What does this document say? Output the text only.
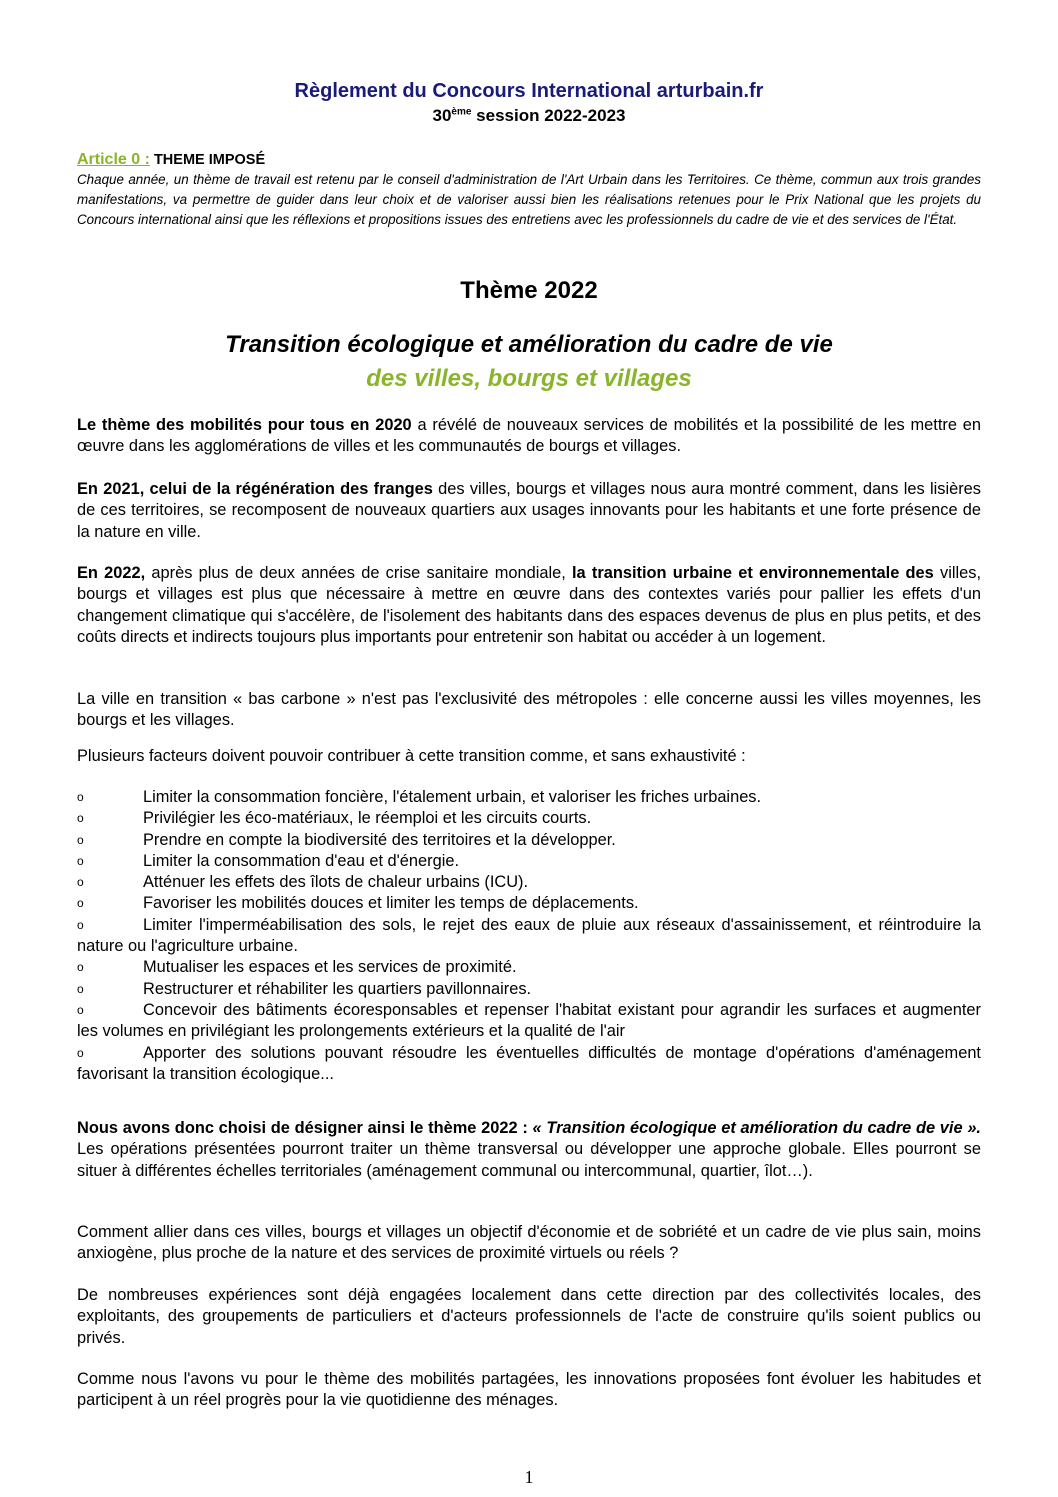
Règlement du Concours International arturbain.fr
30ème session 2022-2023
Article 0 : THEME IMPOSÉ
Chaque année, un thème de travail est retenu par le conseil d'administration de l'Art Urbain dans les Territoires. Ce thème, commun aux trois grandes manifestations, va permettre de guider dans leur choix et de valoriser aussi bien les réalisations retenues pour le Prix National que les projets du Concours international ainsi que les réflexions et propositions issues des entretiens avec les professionnels du cadre de vie et des services de l'État.
Thème 2022
Transition écologique et amélioration du cadre de vie
des villes, bourgs et villages
Le thème des mobilités pour tous en 2020 a révélé de nouveaux services de mobilités et la possibilité de les mettre en œuvre dans les agglomérations de villes et les communautés de bourgs et villages.
En 2021, celui de la régénération des franges des villes, bourgs et villages nous aura montré comment, dans les lisières de ces territoires, se recomposent de nouveaux quartiers aux usages innovants pour les habitants et une forte présence de la nature en ville.
En 2022, après plus de deux années de crise sanitaire mondiale, la transition urbaine et environnementale des villes, bourgs et villages est plus que nécessaire à mettre en œuvre dans des contextes variés pour pallier les effets d'un changement climatique qui s'accélère, de l'isolement des habitants dans des espaces devenus de plus en plus petits, et des coûts directs et indirects toujours plus importants pour entretenir son habitat ou accéder à un logement.
La ville en transition « bas carbone » n'est pas l'exclusivité des métropoles : elle concerne aussi les villes moyennes, les bourgs et les villages.
Plusieurs facteurs doivent pouvoir contribuer à cette transition comme, et sans exhaustivité :
o	Limiter la consommation foncière, l'étalement urbain, et valoriser les friches urbaines.
o	Privilégier les éco-matériaux, le réemploi et les circuits courts.
o	Prendre en compte la biodiversité des territoires et la développer.
o	Limiter la consommation d'eau et d'énergie.
o	Atténuer les effets des îlots de chaleur urbains (ICU).
o	Favoriser les mobilités douces et limiter les temps de déplacements.
o	Limiter l'imperméabilisation des sols, le rejet des eaux de pluie aux réseaux d'assainissement, et réintroduire la nature ou l'agriculture urbaine.
o	Mutualiser les espaces et les services de proximité.
o	Restructurer et réhabiliter les quartiers pavillonnaires.
o	Concevoir des bâtiments écoresponsables et repenser l'habitat existant pour agrandir les surfaces et augmenter les volumes en privilégiant les prolongements extérieurs et la qualité de l'air
o	Apporter des solutions pouvant résoudre les éventuelles difficultés de montage d'opérations d'aménagement favorisant la transition écologique...
Nous avons donc choisi de désigner ainsi le thème 2022 : « Transition écologique et amélioration du cadre de vie ». Les opérations présentées pourront traiter un thème transversal ou développer une approche globale. Elles pourront se situer à différentes échelles territoriales (aménagement communal ou intercommunal, quartier, îlot…).
Comment allier dans ces villes, bourgs et villages un objectif d'économie et de sobriété et un cadre de vie plus sain, moins anxiogène, plus proche de la nature et des services de proximité virtuels ou réels ?
De nombreuses expériences sont déjà engagées localement dans cette direction par des collectivités locales, des exploitants, des groupements de particuliers et d'acteurs professionnels de l'acte de construire qu'ils soient publics ou privés.
Comme nous l'avons vu pour le thème des mobilités partagées, les innovations proposées font évoluer les habitudes et participent à un réel progrès pour la vie quotidienne des ménages.
1
